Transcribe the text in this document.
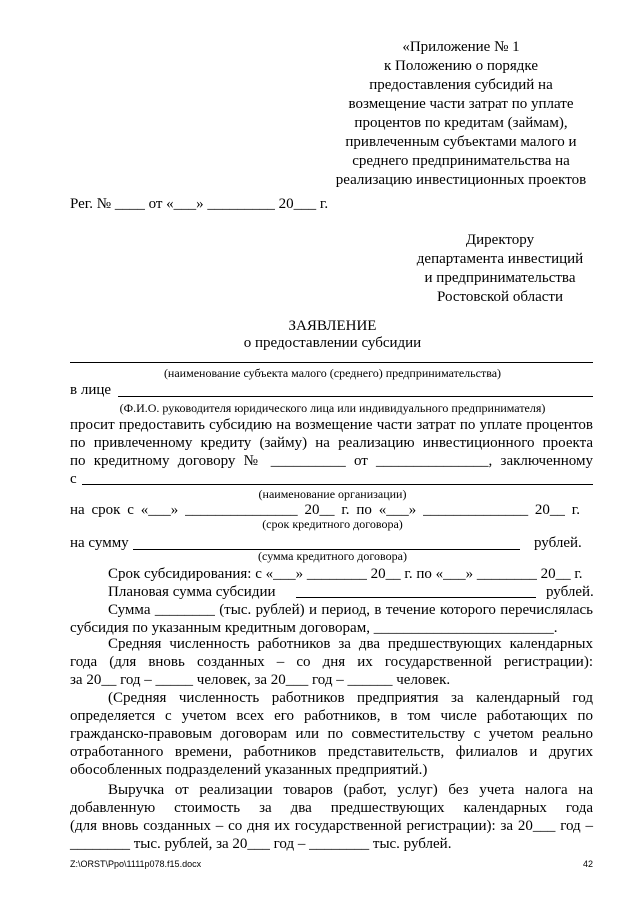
«Приложение № 1
к Положению о порядке
предоставления субсидий на
возмещение части затрат по уплате
процентов по кредитам (займам),
привлеченным субъектами малого и
среднего предпринимательства на
реализацию инвестиционных проектов
Рег. № ____ от «___» _________ 20___ г.
Директору
департамента инвестиций
и предпринимательства
Ростовской области
ЗАЯВЛЕНИЕ
о предоставлении субсидии
(наименование субъекта малого (среднего) предпринимательства)
в лице
(Ф.И.О. руководителя юридического лица или индивидуального предпринимателя)
просит предоставить субсидию на возмещение части затрат по уплате процентов
по привлеченному кредиту (займу) на реализацию инвестиционного проекта
по кредитному договору № __________ от _______________, заключенному
с
(наименование организации)
на срок с «___» _______________ 20__ г. по «___» ______________ 20__ г.
(срок кредитного договора)
на сумму	рублей.
(сумма кредитного договора)
Срок субсидирования: с «___» ________ 20__ г. по «___» ________ 20__ г.
Плановая сумма субсидии	рублей.
Сумма ________ (тыс. рублей) и период, в течение которого перечислялась
субсидия по указанным кредитным договорам, ________________________.
Средняя численность работников за два предшествующих календарных
года (для вновь созданных – со дня их государственной регистрации):
за 20__ год – _____ человек, за 20___ год – ______ человек.
(Средняя численность работников предприятия за календарный год
определяется с учетом всех его работников, в том числе работающих по
гражданско-правовым договорам или по совместительству с учетом реально
отработанного времени, работников представительств, филиалов и других
обособленных подразделений указанных предприятий.)
Выручка от реализации товаров (работ, услуг) без учета налога на
добавленную стоимость за два предшествующих календарных года
(для вновь созданных – со дня их государственной регистрации): за 20___ год –
________ тыс. рублей, за 20___ год – ________ тыс. рублей.
Z:\ORST\Ppo\1111p078.f15.docx	42
